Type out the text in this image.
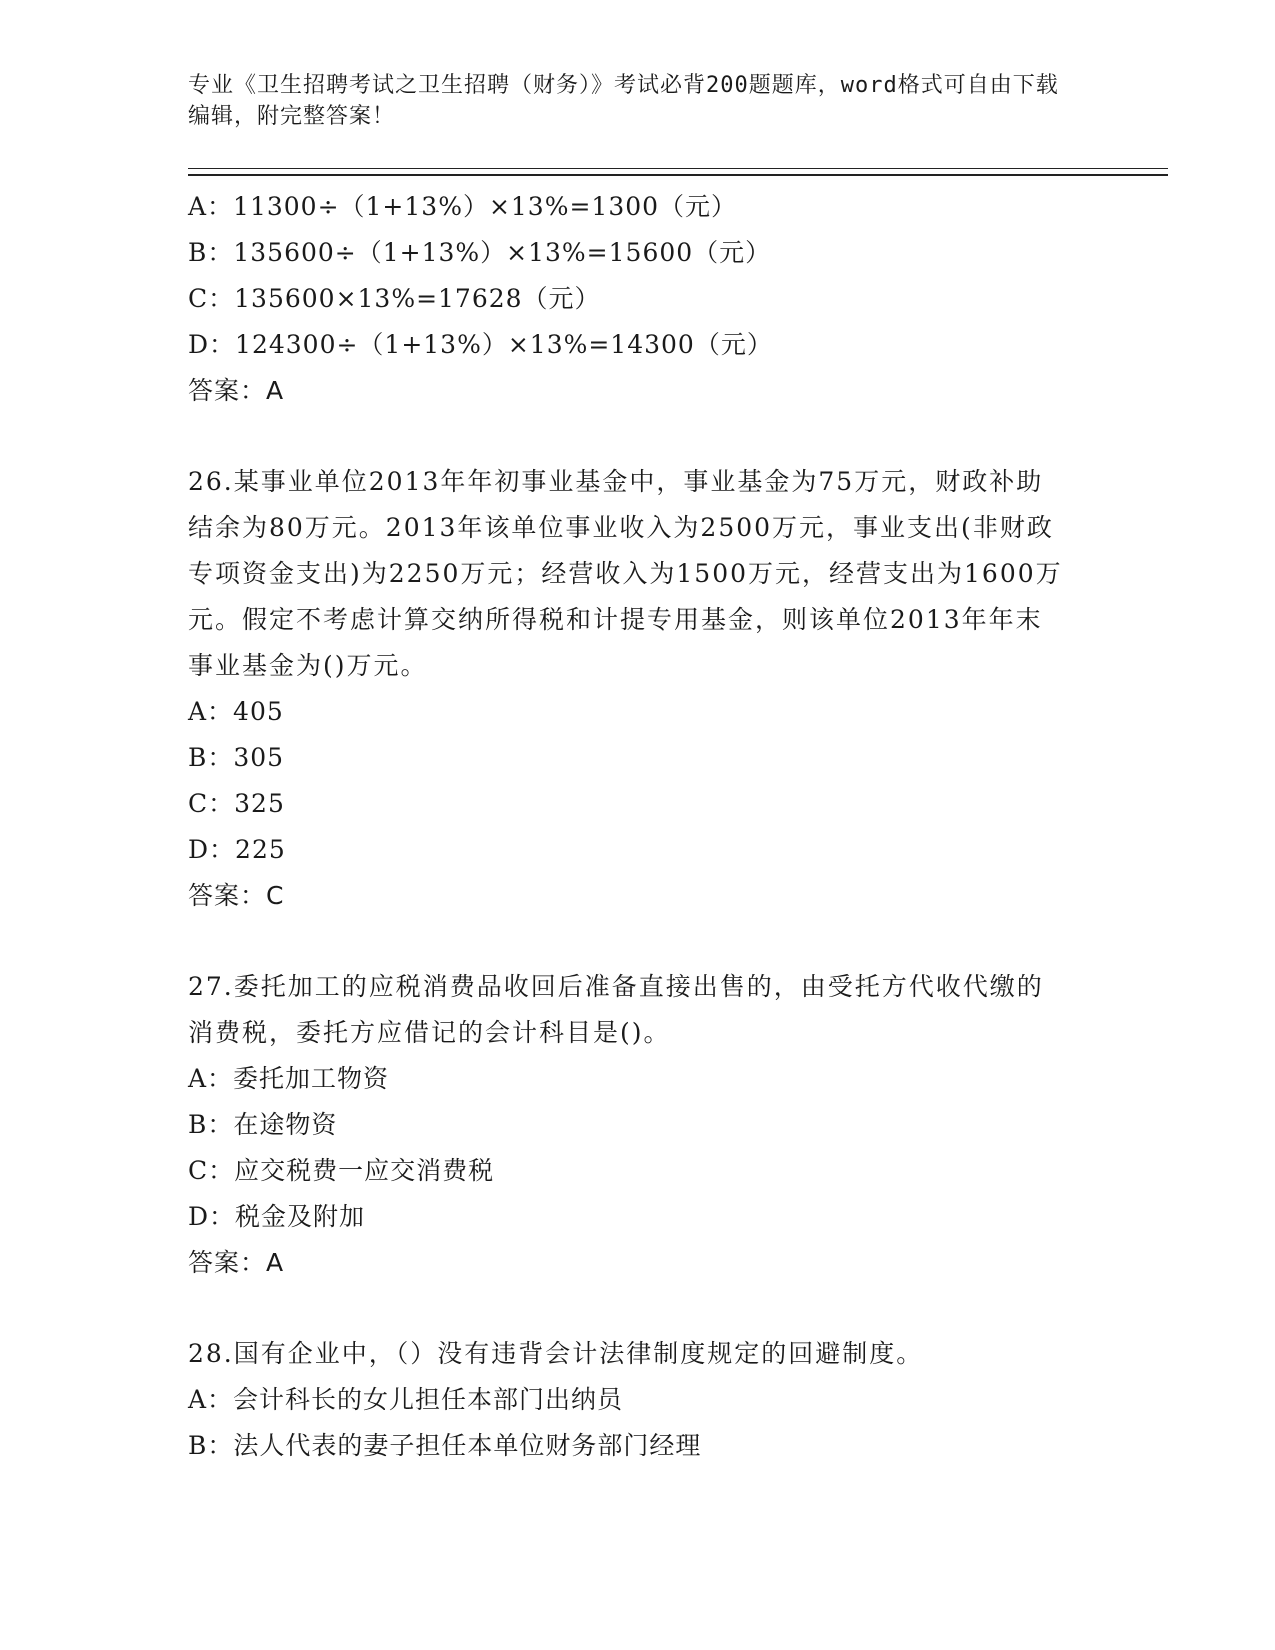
专业《卫生招聘考试之卫生招聘（财务）》考试必背200题题库，word格式可自由下载编辑，附完整答案！
A：11300÷（1+13%）×13%=1300（元）
B：135600÷（1+13%）×13%=15600（元）
C：135600×13%=17628（元）
D：124300÷（1+13%）×13%=14300（元）
答案：A
26.某事业单位2013年年初事业基金中，事业基金为75万元，财政补助结余为80万元。2013年该单位事业收入为2500万元，事业支出(非财政专项资金支出)为2250万元；经营收入为1500万元，经营支出为1600万元。假定不考虑计算交纳所得税和计提专用基金，则该单位2013年年末事业基金为()万元。
A：405
B：305
C：325
D：225
答案：C
27.委托加工的应税消费品收回后准备直接出售的，由受托方代收代缴的消费税，委托方应借记的会计科目是()。
A：委托加工物资
B：在途物资
C：应交税费一应交消费税
D：税金及附加
答案：A
28.国有企业中，（）没有违背会计法律制度规定的回避制度。
A：会计科长的女儿担任本部门出纳员
B：法人代表的妻子担任本单位财务部门经理
